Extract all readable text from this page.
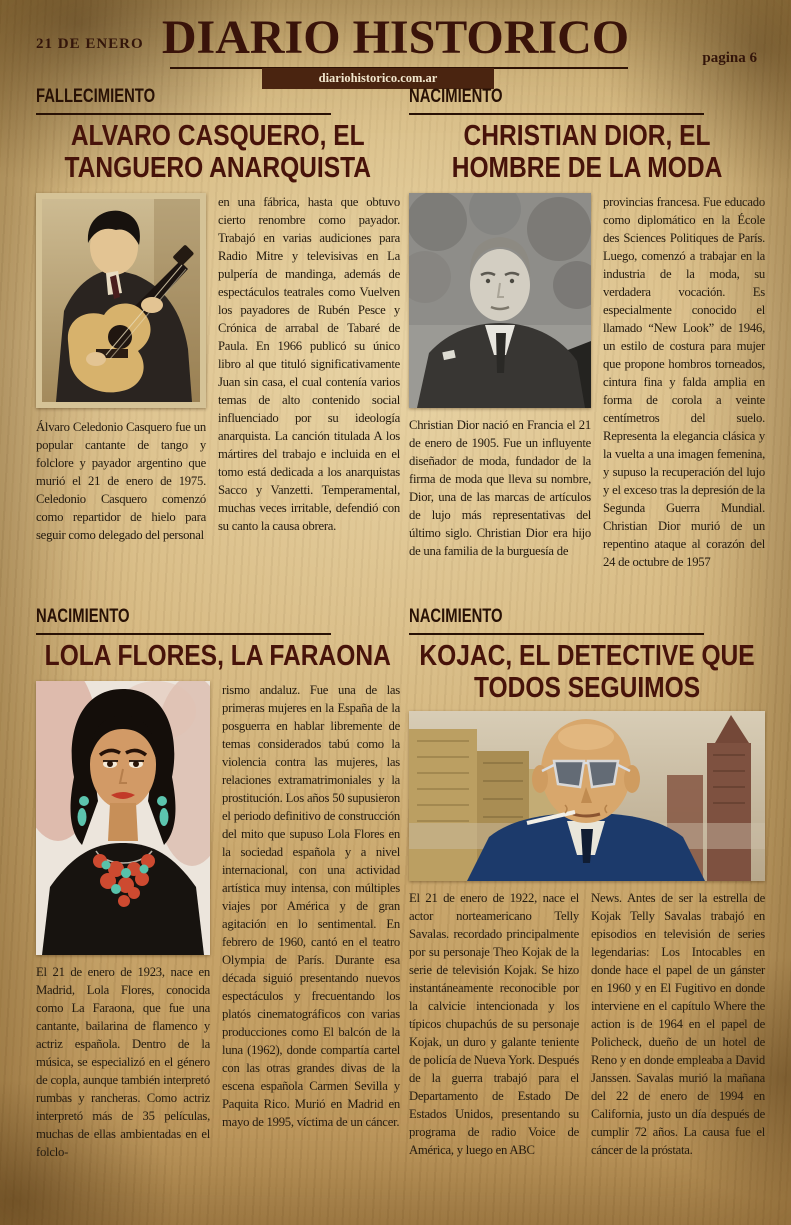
21 DE ENERO DIARIO HISTORICO	pagina 6
diariohistorico.com.ar
FALLECIMIENTO
ALVARO CASQUERO, EL
TANGUERO ANARQUISTA

Álvaro Celedonio Casquero fue un popular cantante de tango y folclore y payador argentino que murió el 21 de enero de 1975. Celedonio Casquero comenzó como repartidor de hielo para seguir como delegado del personal

en una fábrica, hasta que obtuvo cierto renombre como payador. Trabajó en varias audiciones para Radio Mitre y televisivas en La pulpería de mandinga, además de espectáculos teatrales como Vuelven los payadores de Rubén Pesce y Crónica de arrabal de Tabaré de Paula. En 1966 publicó su único libro al que tituló significativamente Juan sin casa, el cual contenía varios temas de alto contenido social influenciado por su ideología anarquista. La canción titulada A los mártires del trabajo e incluida en el tomo está dedicada a los anarquistas Sacco y Vanzetti. Temperamental, muchas veces irritable, defendió con su canto la causa obrera.

NACIMIENTO
CHRISTIAN DIOR, EL
HOMBRE DE LA MODA

Christian Dior nació en Francia el 21 de enero de 1905. Fue un influyente diseñador de moda, fundador de la firma de moda que lleva su nombre, Dior, una de las marcas de artículos de lujo más representativas del último siglo. Christian Dior era hijo de una familia de la burguesía de

provincias francesa. Fue educado como diplomático en la École des Sciences Politiques de París. Luego, comenzó a trabajar en la industria de la moda, su verdadera vocación. Es especialmente conocido el llamado “New Look” de 1946, un estilo de costura para mujer que propone hombros torneados, cintura fina y falda amplia en forma de corola a veinte centímetros del suelo. Representa la elegancia clásica y la vuelta a una imagen femenina, y supuso la recuperación del lujo y el exceso tras la depresión de la Segunda Guerra Mundial. Christian Dior murió de un repentino ataque al corazón del 24 de octubre de 1957

NACIMIENTO
LOLA FLORES, LA FARAONA

El 21 de enero de 1923, nace en Madrid, Lola Flores, conocida como La Faraona, que fue una cantante, bailarina de flamenco y actriz española. Dentro de la música, se especializó en el género de copla, aunque también interpretó rumbas y rancheras. Como actriz interpretó más de 35 películas, muchas de ellas ambientadas en el folclo-

rismo andaluz. Fue una de las primeras mujeres en la España de la posguerra en hablar libremente de temas considerados tabú como la violencia contra las mujeres, las relaciones extramatrimoniales y la prostitución. Los años 50 supusieron el periodo definitivo de construcción del mito que supuso Lola Flores en la sociedad española y a nivel internacional, con una actividad artística muy intensa, con múltiples viajes por América y de gran agitación en lo sentimental. En febrero de 1960, cantó en el teatro Olympia de París. Durante esa década siguió presentando nuevos espectáculos y frecuentando los platós cinematográficos con varias producciones como El balcón de la luna (1962), donde compartía cartel con las otras grandes divas de la escena española Carmen Sevilla y Paquita Rico. Murió en Madrid en mayo de 1995, víctima de un cáncer.

NACIMIENTO
KOJAC, EL DETECTIVE QUE
TODOS SEGUIMOS

El 21 de enero de 1922, nace el actor norteamericano Telly Savalas. recordado principalmente por su personaje Theo Kojak de la serie de televisión Kojak. Se hizo instantáneamente reconocible por la calvicie intencionada y los típicos chupachús de su personaje Kojak, un duro y galante teniente de policía de Nueva York. Después de la guerra trabajó para el Departamento de Estado De Estados Unidos, presentando su programa de radio Voice de América, y luego en ABC

News. Antes de ser la estrella de Kojak Telly Savalas trabajó en episodios en televisión de series legendarias: Los Intocables en donde hace el papel de un gánster en 1960 y en El Fugitivo en donde interviene en el capítulo Where the action is de 1964 en el papel de Policheck, dueño de un hotel de Reno y en donde empleaba a David Janssen. Savalas murió la mañana del 22 de enero de 1994 en California, justo un día después de cumplir 72 años. La causa fue el cáncer de la próstata.
